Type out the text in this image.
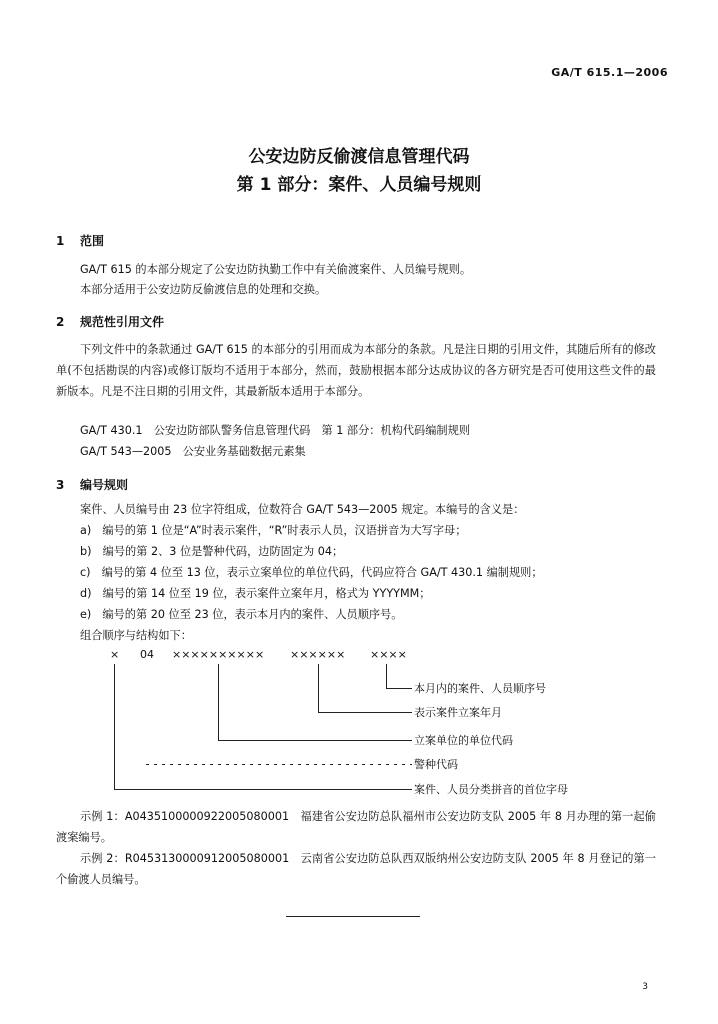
GA/T 615.1—2006
公安边防反偷渡信息管理代码
第 1 部分：案件、人员编号规则
1 范围
GA/T 615 的本部分规定了公安边防执勤工作中有关偷渡案件、人员编号规则。
本部分适用于公安边防反偷渡信息的处理和交换。
2 规范性引用文件
下列文件中的条款通过 GA/T 615 的本部分的引用而成为本部分的条款。凡是注日期的引用文件，其随后所有的修改单(不包括勘误的内容)或修订版均不适用于本部分，然而，鼓励根据本部分达成协议的各方研究是否可使用这些文件的最新版本。凡是不注日期的引用文件，其最新版本适用于本部分。
GA/T 430.1　公安边防部队警务信息管理代码　第 1 部分：机构代码编制规则
GA/T 543—2005　公安业务基础数据元素集
3 编号规则
案件、人员编号由 23 位字符组成，位数符合 GA/T 543—2005 规定。本编号的含义是：
a)　编号的第 1 位是“A”时表示案件，“R”时表示人员，汉语拼音为大写字母；
b)　编号的第 2、3 位是警种代码，边防固定为 04；
c)　编号的第 4 位至 13 位，表示立案单位的单位代码，代码应符合 GA/T 430.1 编制规则；
d)　编号的第 14 位至 19 位，表示案件立案年月，格式为 YYYYMM；
e)　编号的第 20 位至 23 位，表示本月内的案件、人员顺序号。
组合顺序与结构如下：
× 04 ×××××××××× ×××××× ××××
本月内的案件、人员顺序号
表示案件立案年月
立案单位的单位代码
警种代码
案件、人员分类拼音的首位字母
示例 1：A0435100000922005080001　福建省公安边防总队福州市公安边防支队 2005 年 8 月办理的第一起偷渡案编号。
示例 2：R0453130000912005080001　云南省公安边防总队西双版纳州公安边防支队 2005 年 8 月登记的第一个偷渡人员编号。
3
